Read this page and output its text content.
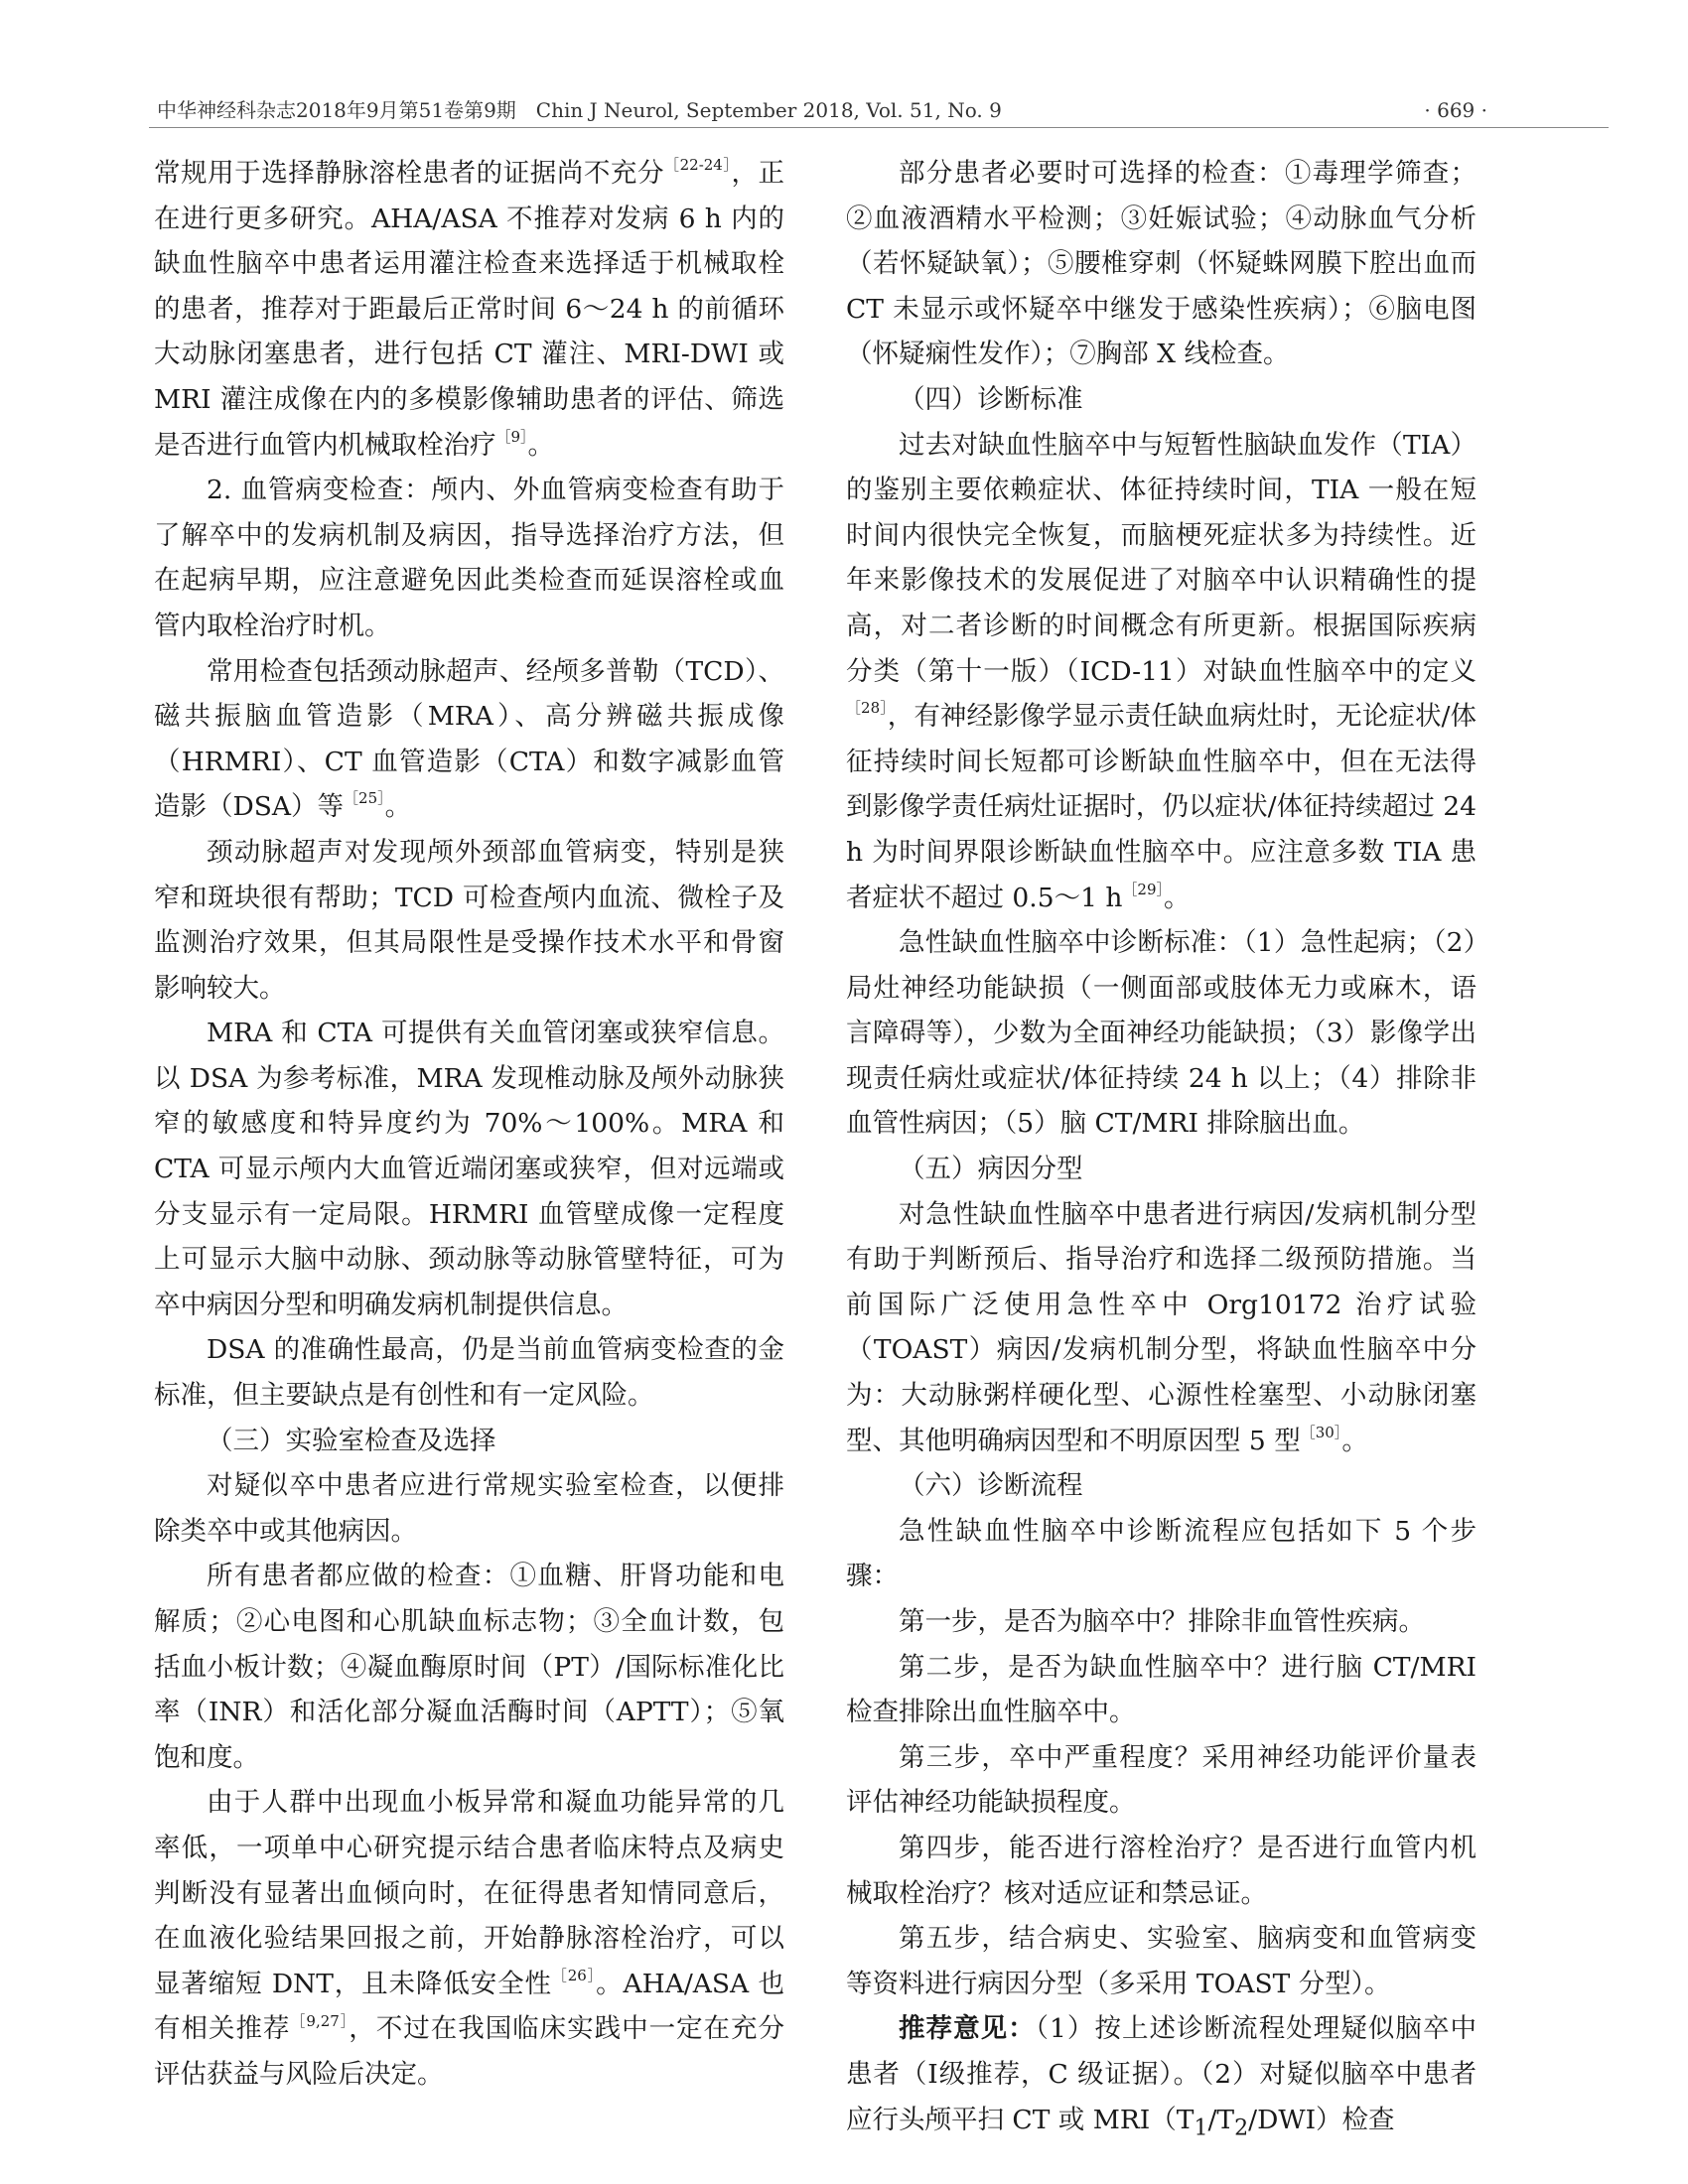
中华神经科杂志2018年9月第51卷第9期　Chin J Neurol, September 2018, Vol. 51, No. 9	· 669 ·

常规用于选择静脉溶栓患者的证据尚不充分$^{[22-24]}$，正在进行更多研究。AHA/ASA 不推荐对发病 6 h 内的缺血性脑卒中患者运用灌注检查来选择适于机械取栓的患者，推荐对于距最后正常时间 6～24 h 的前循环大动脉闭塞患者，进行包括 CT 灌注、MRI-DWI 或 MRI 灌注成像在内的多模影像辅助患者的评估、筛选是否进行血管内机械取栓治疗$^{[9]}$。

2. 血管病变检查：颅内、外血管病变检查有助于了解卒中的发病机制及病因，指导选择治疗方法，但在起病早期，应注意避免因此类检查而延误溶栓或血管内取栓治疗时机。

常用检查包括颈动脉超声、经颅多普勒（TCD）、磁共振脑血管造影（MRA）、高分辨磁共振成像（HRMRI）、CT 血管造影（CTA）和数字减影血管造影（DSA）等$^{[25]}$。

颈动脉超声对发现颅外颈部血管病变，特别是狭窄和斑块很有帮助；TCD 可检查颅内血流、微栓子及监测治疗效果，但其局限性是受操作技术水平和骨窗影响较大。

MRA 和 CTA 可提供有关血管闭塞或狭窄信息。以 DSA 为参考标准，MRA 发现椎动脉及颅外动脉狭窄的敏感度和特异度约为 70%～100%。MRA 和 CTA 可显示颅内大血管近端闭塞或狭窄，但对远端或分支显示有一定局限。HRMRI 血管壁成像一定程度上可显示大脑中动脉、颈动脉等动脉管壁特征，可为卒中病因分型和明确发病机制提供信息。

DSA 的准确性最高，仍是当前血管病变检查的金标准，但主要缺点是有创性和有一定风险。

（三）实验室检查及选择

对疑似卒中患者应进行常规实验室检查，以便排除类卒中或其他病因。

所有患者都应做的检查：①血糖、肝肾功能和电解质；②心电图和心肌缺血标志物；③全血计数，包括血小板计数；④凝血酶原时间（PT）/国际标准化比率（INR）和活化部分凝血活酶时间（APTT）；⑤氧饱和度。

由于人群中出现血小板异常和凝血功能异常的几率低，一项单中心研究提示结合患者临床特点及病史判断没有显著出血倾向时，在征得患者知情同意后，在血液化验结果回报之前，开始静脉溶栓治疗，可以显著缩短 DNT，且未降低安全性$^{[26]}$。AHA/ASA 也有相关推荐$^{[9,27]}$，不过在我国临床实践中一定在充分评估获益与风险后决定。

部分患者必要时可选择的检查：①毒理学筛查；②血液酒精水平检测；③妊娠试验；④动脉血气分析（若怀疑缺氧）；⑤腰椎穿刺（怀疑蛛网膜下腔出血而 CT 未显示或怀疑卒中继发于感染性疾病）；⑥脑电图（怀疑痫性发作）；⑦胸部 X 线检查。

（四）诊断标准

过去对缺血性脑卒中与短暂性脑缺血发作（TIA）的鉴别主要依赖症状、体征持续时间，TIA 一般在短时间内很快完全恢复，而脑梗死症状多为持续性。近年来影像技术的发展促进了对脑卒中认识精确性的提高，对二者诊断的时间概念有所更新。根据国际疾病分类（第十一版）（ICD-11）对缺血性脑卒中的定义$^{[28]}$，有神经影像学显示责任缺血病灶时，无论症状/体征持续时间长短都可诊断缺血性脑卒中，但在无法得到影像学责任病灶证据时，仍以症状/体征持续超过 24 h 为时间界限诊断缺血性脑卒中。应注意多数 TIA 患者症状不超过 0.5～1 $h^{[29]}$。

急性缺血性脑卒中诊断标准：（1）急性起病；（2）局灶神经功能缺损（一侧面部或肢体无力或麻木，语言障碍等），少数为全面神经功能缺损；（3）影像学出现责任病灶或症状/体征持续 24 h 以上；（4）排除非血管性病因；（5）脑 CT/MRI 排除脑出血。

（五）病因分型

对急性缺血性脑卒中患者进行病因/发病机制分型有助于判断预后、指导治疗和选择二级预防措施。当前国际广泛使用急性卒中 Org10172 治疗试验（TOAST）病因/发病机制分型，将缺血性脑卒中分为：大动脉粥样硬化型、心源性栓塞型、小动脉闭塞型、其他明确病因型和不明原因型 5 型$^{[30]}$。

（六）诊断流程

急性缺血性脑卒中诊断流程应包括如下 5 个步骤：

第一步，是否为脑卒中？排除非血管性疾病。

第二步，是否为缺血性脑卒中？进行脑 CT/MRI 检查排除出血性脑卒中。

第三步，卒中严重程度？采用神经功能评价量表评估神经功能缺损程度。

第四步，能否进行溶栓治疗？是否进行血管内机械取栓治疗？核对适应证和禁忌证。

第五步，结合病史、实验室、脑病变和血管病变等资料进行病因分型（多采用 TOAST 分型）。

推荐意见：（1）按上述诊断流程处理疑似脑卒中患者（Ⅰ级推荐，C 级证据）。（2）对疑似脑卒中患者应行头颅平扫 CT 或 $MRI(T_1/T_2/DWI)$检查
